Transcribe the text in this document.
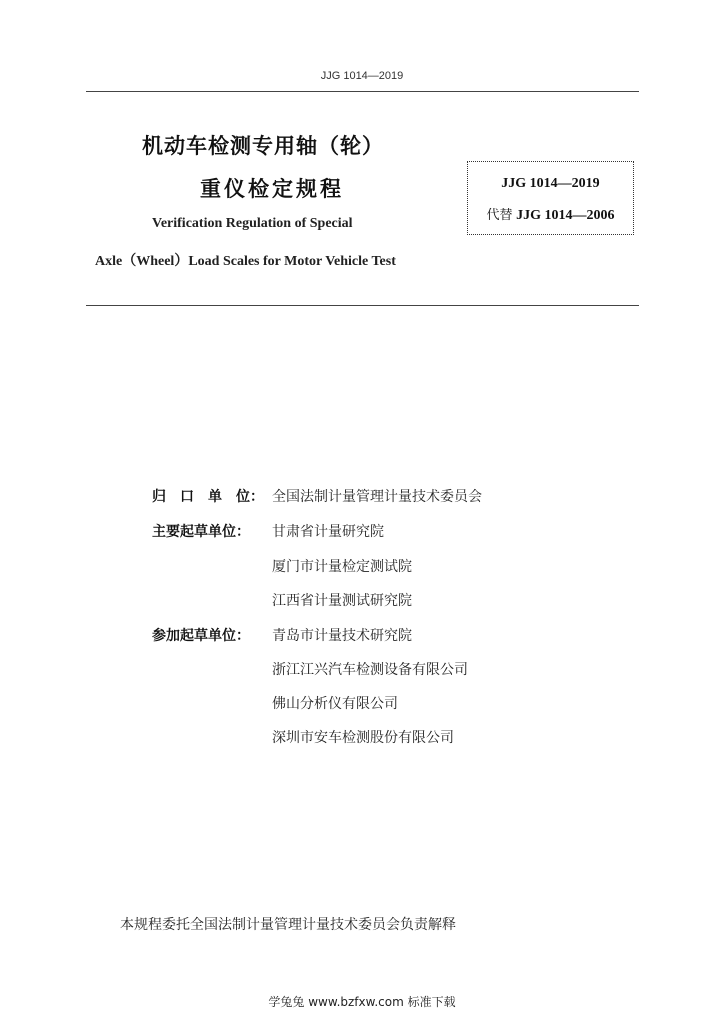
JJG 1014—2019
机动车检测专用轴（轮）
重仪检定规程
Verification Regulation of Special
Axle（Wheel）Load Scales for Motor Vehicle Test
JJG 1014—2019
代替 JJG 1014—2006
归　口　单　位： 全国法制计量管理计量技术委员会
主要起草单位：	甘肃省计量研究院
厦门市计量检定测试院
江西省计量测试研究院
参加起草单位：	青岛市计量技术研究院
浙江江兴汽车检测设备有限公司
佛山分析仪有限公司
深圳市安车检测股份有限公司
本规程委托全国法制计量管理计量技术委员会负责解释
学兔兔 www.bzfxw.com 标准下载
